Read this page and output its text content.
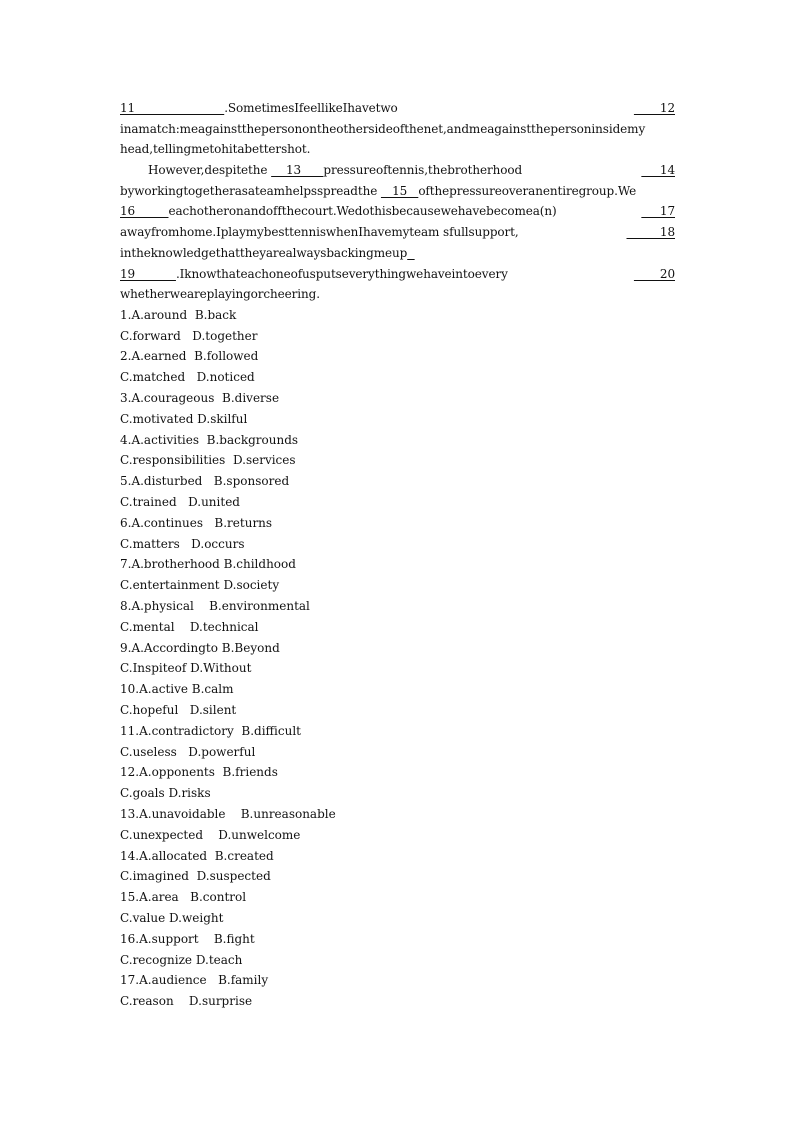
11                        .SometimesIfeellikeIhavetwo	12
inamatch:meagainstthepersonontheothersideofthenet,andmeagainstthepersoninsidemy
head,tellingmetohitabettershot.
However,despitethe     13      pressureoftennis,thebrotherhood	14
byworkingtogetherasateamhelpsspreadthe    15   ofthepressureoveranentiregroup.We
16         eachotheronandoffthecourt.Wedothisbecausewehavebecomea(n)	17
awayfromhome.IplaymybesttenniswhenIhavemyteam sfullsupport,	18
intheknowledgethattheyarealwaysbackingmeup
19           .Iknowthateachoneofusputseverythingwehaveintoevery	20
whetherweareplayingorcheering.
1.A.around  B.back
C.forward   D.together
2.A.earned  B.followed
C.matched   D.noticed
3.A.courageous  B.diverse
C.motivated D.skilful
4.A.activities  B.backgrounds
C.responsibilities  D.services
5.A.disturbed   B.sponsored
C.trained   D.united
6.A.continues   B.returns
C.matters   D.occurs
7.A.brotherhood B.childhood
C.entertainment D.society
8.A.physical    B.environmental
C.mental    D.technical
9.A.Accordingto B.Beyond
C.Inspiteof D.Without
10.A.active B.calm
C.hopeful   D.silent
11.A.contradictory  B.difficult
C.useless   D.powerful
12.A.opponents  B.friends
C.goals D.risks
13.A.unavoidable    B.unreasonable
C.unexpected    D.unwelcome
14.A.allocated  B.created
C.imagined  D.suspected
15.A.area   B.control
C.value D.weight
16.A.support    B.fight
C.recognize D.teach
17.A.audience   B.family
C.reason    D.surprise
